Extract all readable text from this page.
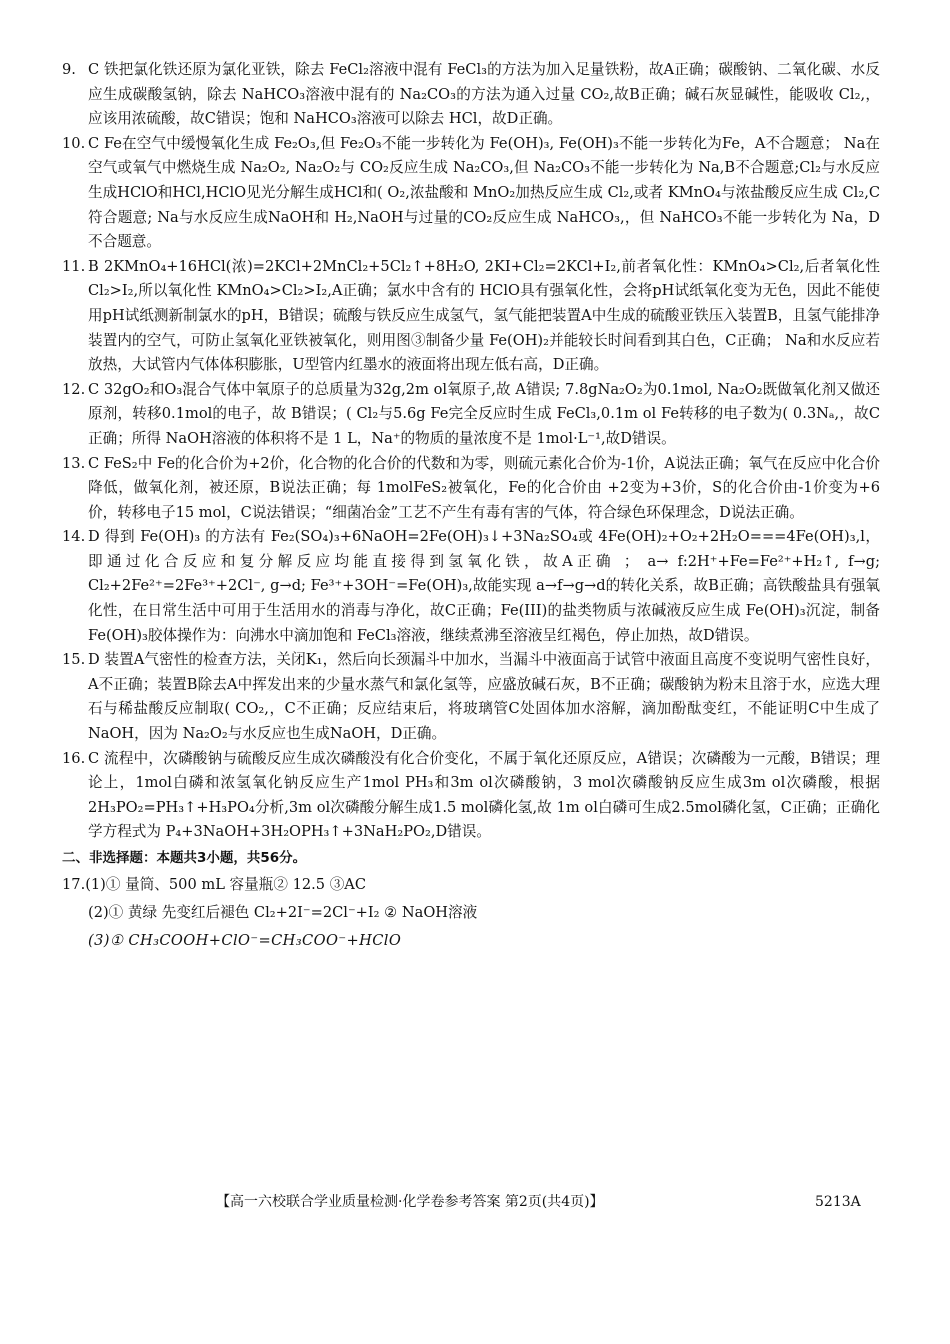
9. C 铁把氯化铁还原为氯化亚铁，除去 FeCl₂溶液中混有 FeCl₃的方法为加入足量铁粉，故A正确；碳酸钠、二氧化碳、水反应生成碳酸氢钠，除去 NaHCO₃溶液中混有的 Na₂CO₃的方法为通入过量 CO₂,故B正确；碱石灰显碱性，能吸收 Cl₂,，应该用浓硫酸，故C错误；饱和 NaHCO₃溶液可以除去 HCl，故D正确。

10. C Fe在空气中缓慢氧化生成 Fe₂O₃,但 Fe₂O₃不能一步转化为 Fe(OH)₃, Fe(OH)₃不能一步转化为Fe，A不合题意； Na在空气或氧气中燃烧生成 Na₂O₂, Na₂O₂与 CO₂反应生成 Na₂CO₃,但 Na₂CO₃不能一步转化为 Na,B不合题意;Cl₂与水反应生成HClO和HCl,HClO见光分解生成HCl和( O₂,浓盐酸和 MnO₂加热反应生成 Cl₂,或者 KMnO₄与浓盐酸反应生成 Cl₂,C符合题意; Na与水反应生成NaOH和 H₂,NaOH与过量的CO₂反应生成 NaHCO₃,，但 NaHCO₃不能一步转化为 Na，D不合题意。

11. B 2KMnO₄+16HCl(浓)=2KCl+2MnCl₂+5Cl₂↑+8H₂O, 2KI+Cl₂=2KCl+I₂,前者氧化性：KMnO₄>Cl₂,后者氧化性 Cl₂>I₂,所以氧化性 KMnO₄>Cl₂>I₂,A正确；氯水中含有的 HClO具有强氧化性，会将pH试纸氧化变为无色，因此不能使用pH试纸测新制氯水的pH，B错误；硫酸与铁反应生成氢气，氢气能把装置A中生成的硫酸亚铁压入装置B，且氢气能排净装置内的空气，可防止氢氧化亚铁被氧化，则用图③制备少量 Fe(OH)₂并能较长时间看到其白色，C正确； Na和水反应若放热，大试管内气体体积膨胀，U型管内红墨水的液面将出现左低右高，D正确。

12. C 32gO₂和O₃混合气体中氧原子的总质量为32g,2m ol氧原子,故 A错误; 7.8gNa₂O₂为0.1mol, Na₂O₂既做氧化剂又做还原剂，转移0.1mol的电子，故 B错误；( Cl₂与5.6g Fe完全反应时生成 FeCl₃,0.1m ol Fe转移的电子数为( 0.3Nₐ,，故C正确；所得 NaOH溶液的体积将不是 1 L，Na⁺的物质的量浓度不是 1mol·L⁻¹,故D错误。

13. C FeS₂中 Fe的化合价为+2价，化合物的化合价的代数和为零，则硫元素化合价为-1价，A说法正确；氧气在反应中化合价降低，做氧化剂，被还原，B说法正确；每 1molFeS₂被氧化，Fe的化合价由 +2变为+3价，S的化合价由-1价变为+6价，转移电子15 mol，C说法错误；“细菌冶金”工艺不产生有毒有害的气体，符合绿色环保理念，D说法正确。

14. D 得到 Fe(OH)₃ 的方法有 Fe₂(SO₄)₃+6NaOH=2Fe(OH)₃↓+3Na₂SO₄或 4Fe(OH)₂+O₂+2H₂O===4Fe(OH)₃,l，即通过化合反应和复分解反应均能直接得到氢氧化铁，故A正确 ； a→ f:2H⁺+Fe=Fe²⁺+H₂↑, f→g; Cl₂+2Fe²⁺=2Fe³⁺+2Cl⁻, g→d; Fe³⁺+3OH⁻=Fe(OH)₃,故能实现 a→f→g→d的转化关系，故B正确；高铁酸盐具有强氧化性，在日常生活中可用于生活用水的消毒与净化，故C正确；Fe(III)的盐类物质与浓碱液反应生成 Fe(OH)₃沉淀，制备 Fe(OH)₃胶体操作为：向沸水中滴加饱和 FeCl₃溶液，继续煮沸至溶液呈红褐色，停止加热，故D错误。

15. D 装置A气密性的检查方法，关闭K₁，然后向长颈漏斗中加水，当漏斗中液面高于试管中液面且高度不变说明气密性良好，A不正确；装置B除去A中挥发出来的少量水蒸气和氯化氢等，应盛放碱石灰，B不正确；碳酸钠为粉末且溶于水，应选大理石与稀盐酸反应制取( CO₂,，C不正确；反应结束后，将玻璃管C处固体加水溶解，滴加酚酞变红，不能证明C中生成了 NaOH，因为 Na₂O₂与水反应也生成NaOH，D正确。

16. C 流程中，次磷酸钠与硫酸反应生成次磷酸没有化合价变化，不属于氧化还原反应，A错误；次磷酸为一元酸，B错误；理论上，1mol白磷和浓氢氧化钠反应生产1mol PH₃和3m ol次磷酸钠，3 mol次磷酸钠反应生成3m ol次磷酸，根据 2H₃PO₂=PH₃↑+H₃PO₄分析,3m ol次磷酸分解生成1.5 mol磷化氢,故 1m ol白磷可生成2.5mol磷化氢，C正确；正确化学方程式为 P₄+3NaOH+3H₂OPH₃↑+3NaH₂PO₂,D错误。

二、非选择题：本题共3小题，共56分。

17.(1)① 量筒、500 mL 容量瓶② 12.5 ③AC

(2)① 黄绿 先变红后褪色 Cl₂+2I⁻=2Cl⁻+I₂ ② NaOH溶液

(3)① CH₃COOH+ClO⁻=CH₃COO⁻+HClO

【高一六校联合学业质量检测·化学卷参考答案 第2页(共4页)】	5213A
